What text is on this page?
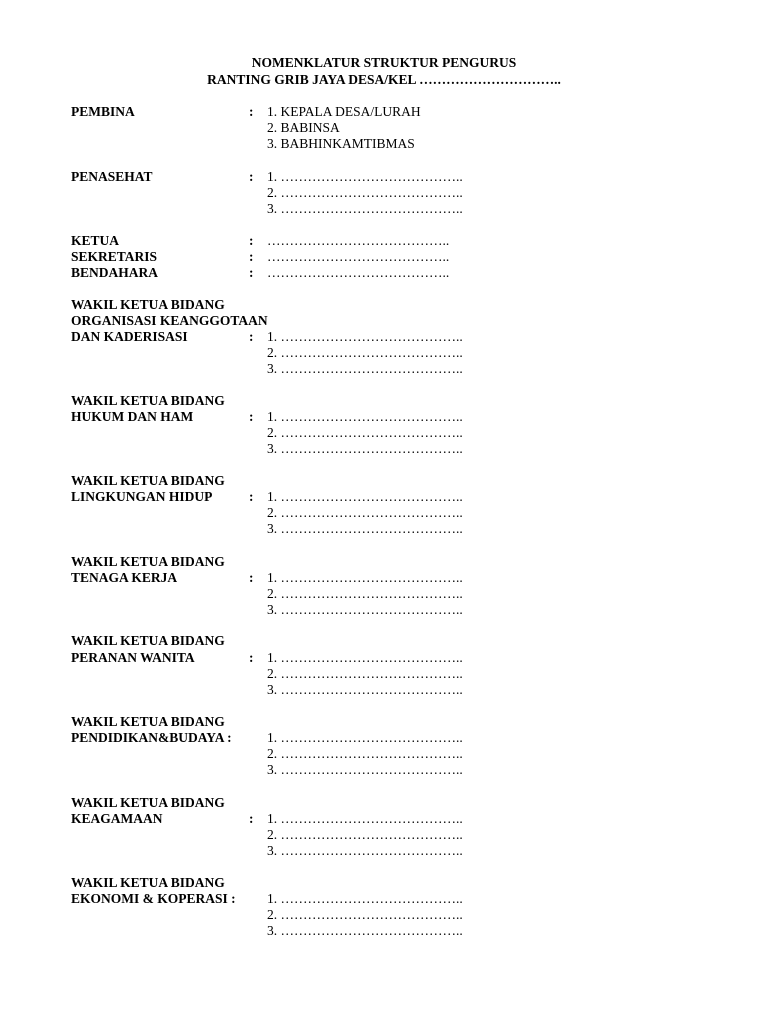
NOMENKLATUR STRUKTUR PENGURUS
RANTING GRIB JAYA DESA/KEL …………………………..
PEMBINA	: 1. KEPALA DESA/LURAH
2. BABINSA
3. BABHINKAMTIBMAS
PENASEHAT	: 1. …………………………………..
2. …………………………………..
3. …………………………………..
KETUA	: …………………………………..
SEKRETARIS	: …………………………………..
BENDAHARA	: …………………………………..
WAKIL KETUA BIDANG
ORGANISASI KEANGGOTAAN
DAN KADERISASI	: 1. …………………………………..
2. …………………………………..
3. …………………………………..
WAKIL KETUA BIDANG
HUKUM DAN HAM	: 1. …………………………………..
2. …………………………………..
3. …………………………………..
WAKIL KETUA BIDANG
LINGKUNGAN HIDUP	: 1. …………………………………..
2. …………………………………..
3. …………………………………..
WAKIL KETUA BIDANG
TENAGA KERJA	: 1. …………………………………..
2. …………………………………..
3. …………………………………..
WAKIL KETUA BIDANG
PERANAN WANITA	: 1. …………………………………..
2. …………………………………..
3. …………………………………..
WAKIL KETUA BIDANG
PENDIDIKAN&BUDAYA :	1. …………………………………..
2. …………………………………..
3. …………………………………..
WAKIL KETUA BIDANG
KEAGAMAAN	: 1. …………………………………..
2. …………………………………..
3. …………………………………..
WAKIL KETUA BIDANG
EKONOMI & KOPERASI : 1. …………………………………..
2. …………………………………..
3. …………………………………..
